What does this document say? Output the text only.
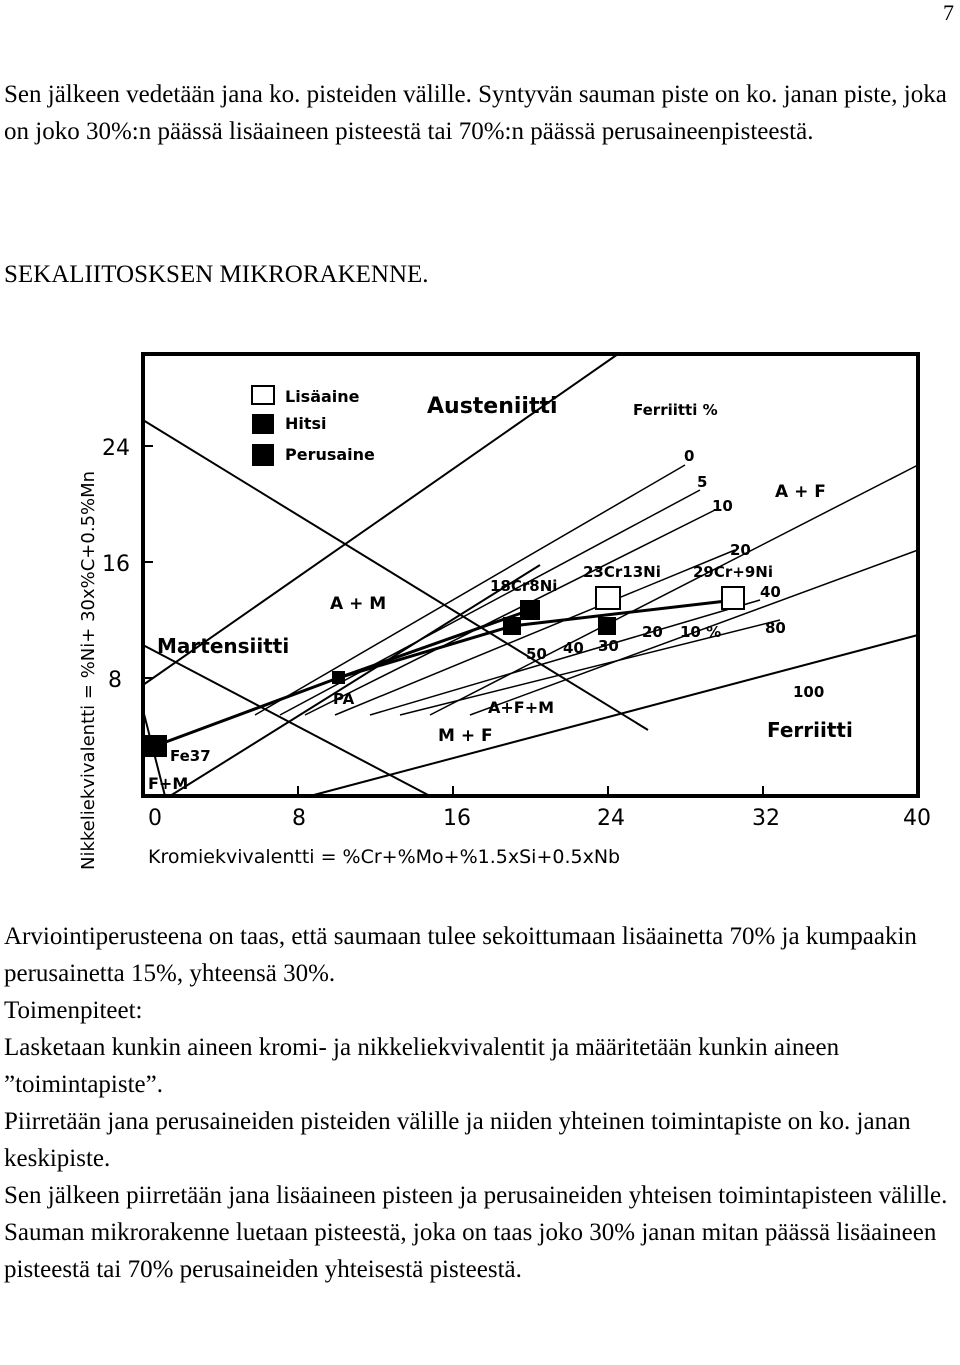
7

Sen jälkeen vedetään jana ko. pisteiden välille. Syntyvän sauman piste on ko. janan piste, joka on joko 30%:n päässä lisäaineen pisteestä tai 70%:n päässä perusaineenpisteestä.

SEKALIITOSKSEN MIKRORAKENNE.

Lisäaine
Hitsi
Perusaine
Austeniitti
Martensiitti
Ferriitti
A + M
A + F
A+F+M
M + F
F+M
Ferriitti %
0
5
10
20
40
80
100
10 %
20
18Cr8Ni
23Cr13Ni 29Cr+9Ni
PA
Fe37
50 40 30
24
16
8
0	8	16	24	32	40
Kromiekvivalentti = %Cr+%Mo+%1.5xSi+0.5xNb
Nikkeliekvivalentti = %Ni+ 30x%C+0.5%Mn
Arviointiperusteena on taas, että saumaan tulee sekoittumaan lisäainetta 70% ja kumpaakin perusainetta 15%, yhteensä 30%.
Toimenpiteet:
Lasketaan kunkin aineen kromi- ja nikkeliekvivalentit ja määritetään kunkin aineen ”toimintapiste”.
Piirretään jana perusaineiden pisteiden välille ja niiden yhteinen toimintapiste on ko. janan keskipiste.
Sen jälkeen piirretään jana lisäaineen pisteen ja perusaineiden yhteisen toimintapisteen välille.
Sauman mikrorakenne luetaan pisteestä, joka on taas joko 30% janan mitan päässä lisäaineen pisteestä tai 70% perusaineiden yhteisestä pisteestä.
